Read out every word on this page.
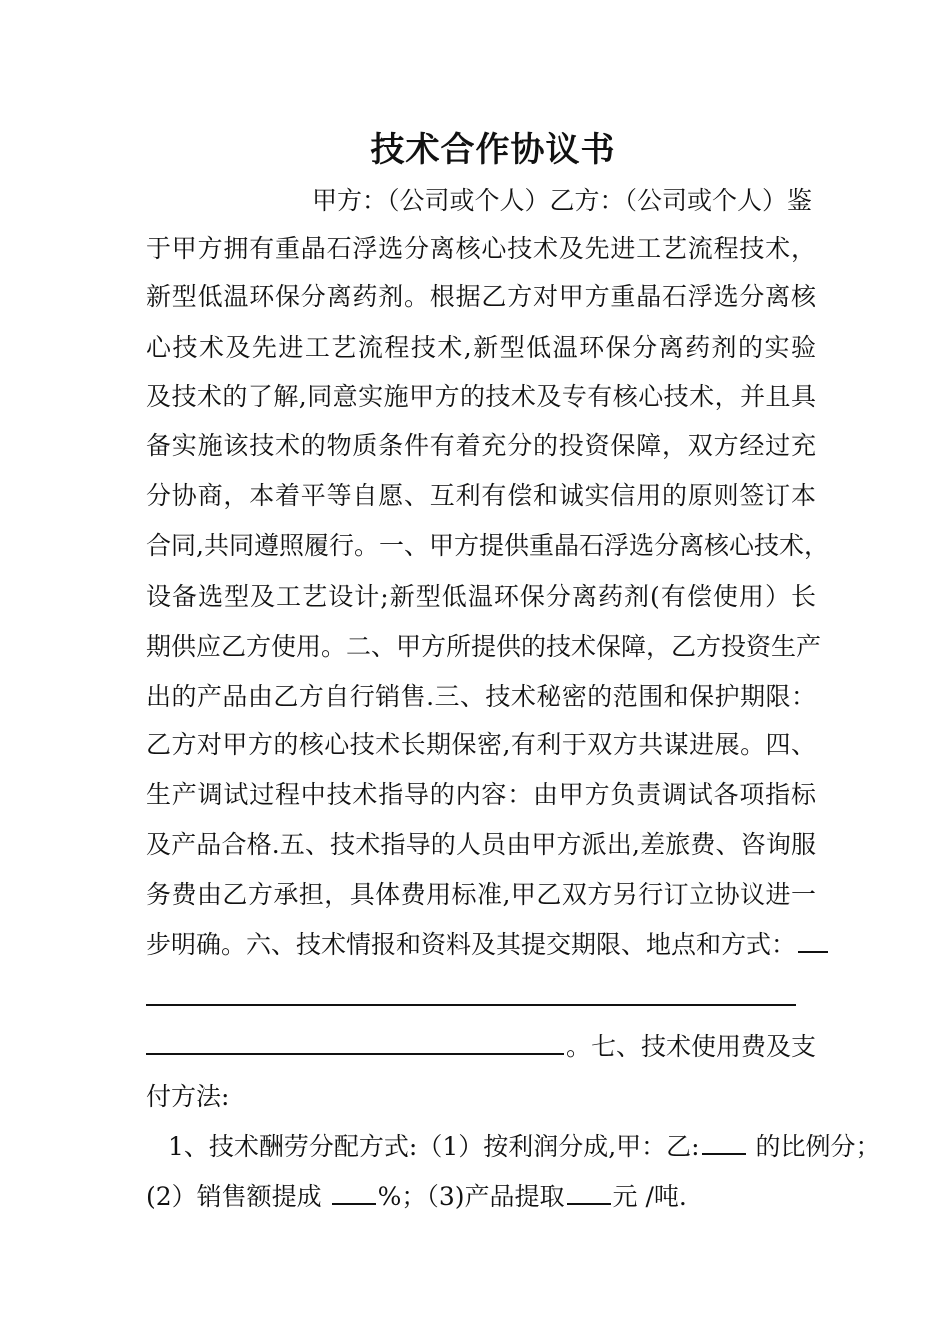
技术合作协议书
甲方：（公司或个人）乙方：（公司或个人）鉴
于甲方拥有重晶石浮选分离核心技术及先进工艺流程技术，
新型低温环保分离药剂。根据乙方对甲方重晶石浮选分离核
心技术及先进工艺流程技术,新型低温环保分离药剂的实验
及技术的了解,同意实施甲方的技术及专有核心技术，并且具
备实施该技术的物质条件有着充分的投资保障，双方经过充
分协商，本着平等自愿、互利有偿和诚实信用的原则签订本
合同,共同遵照履行。一、甲方提供重晶石浮选分离核心技术，
设备选型及工艺设计;新型低温环保分离药剂(有偿使用）长
期供应乙方使用。二、甲方所提供的技术保障，乙方投资生产
出的产品由乙方自行销售.三、技术秘密的范围和保护期限：
乙方对甲方的核心技术长期保密,有利于双方共谋进展。四、
生产调试过程中技术指导的内容：由甲方负责调试各项指标
及产品合格.五、技术指导的人员由甲方派出,差旅费、咨询服
务费由乙方承担，具体费用标准,甲乙双方另行订立协议进一
步明确。六、技术情报和资料及其提交期限、地点和方式：
。七、技术使用费及支
付方法:
1、技术酬劳分配方式:（1）按利润分成,甲：乙: 的比例分；
(2）销售额提成 %；（3)产品提取 元 /吨.
